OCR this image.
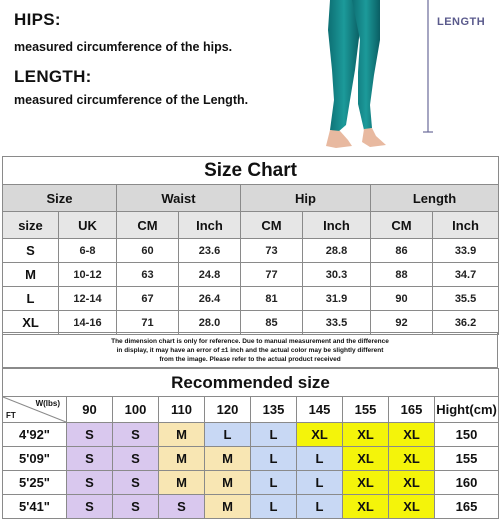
HIPS:
measured circumference of the hips.
LENGTH:
measured circumference of the Length.
LENGTH
Size Chart							
Size		Waist		Hip		Length	
size	UK	CM	Inch	CM	Inch	CM	Inch
S	6-8	60	23.6	73	28.8	86	33.9
M	10-12	63	24.8	77	30.3	88	34.7
L	12-14	67	26.4	81	31.9	90	35.5
XL	14-16	71	28.0	85	33.5	92	36.2
The dimension chart is only for reference. Due to manual measurement and the difference
in display, it may have an error of ±1 inch and the actual color may be slightly different
from the image. Please refer to the actual product received
Recommended size									

W(lbs)
FT	90	100	110	120	135	145	155	165	Hight(cm)
4'92"	S	S	M	L	L	XL	XL	XL	150
5'09"	S	S	M	M	L	L	XL	XL	155
5'25"	S	S	M	M	L	L	XL	XL	160
5'41"	S	S	S	M	L	L	XL	XL	165
